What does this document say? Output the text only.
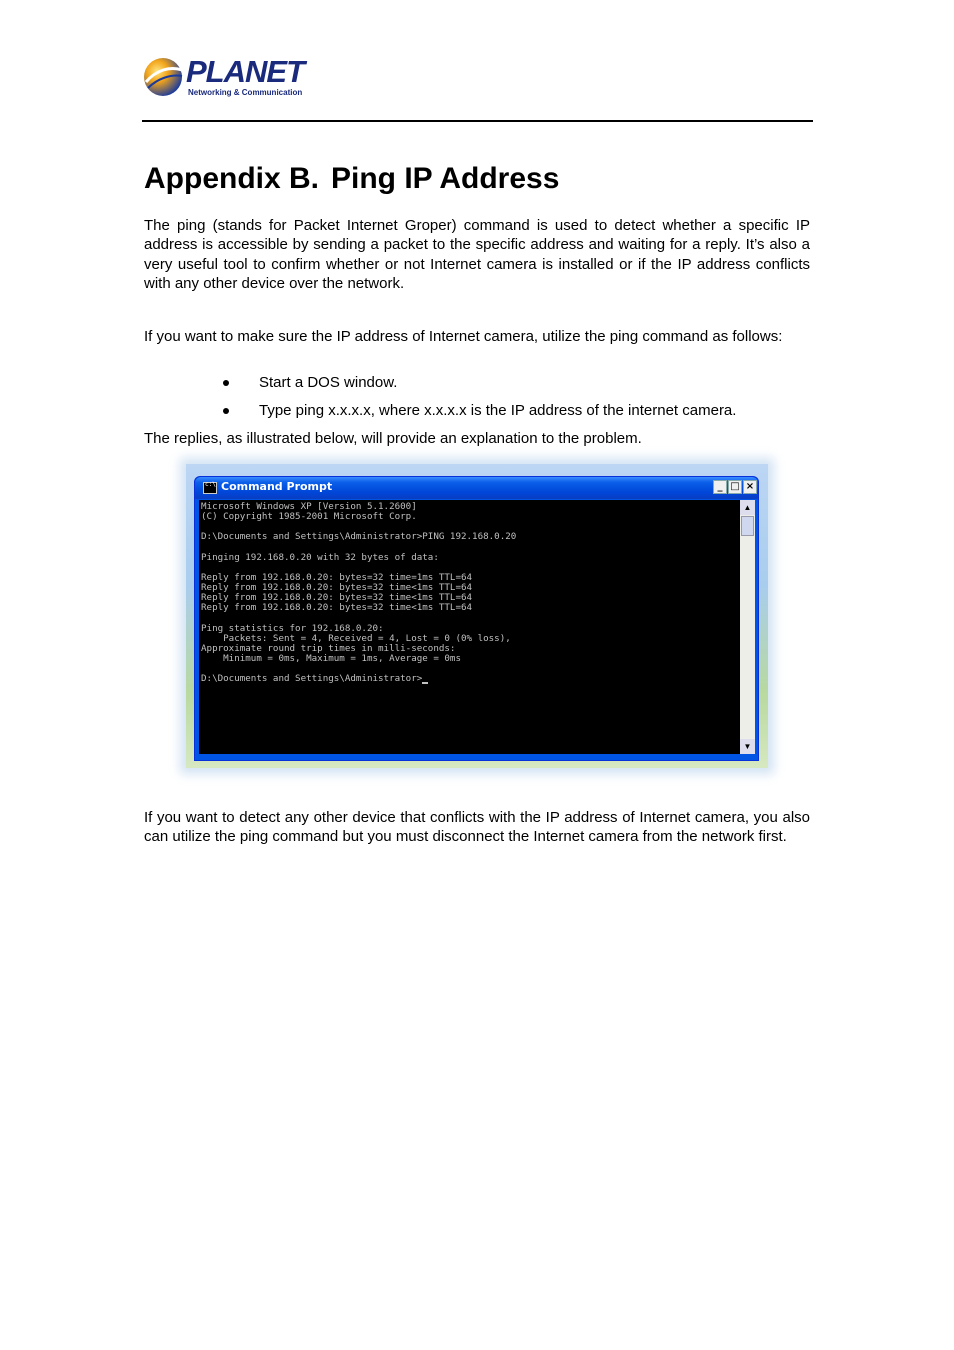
PLANET
Networking & Communication
Appendix B. Ping IP Address

The ping (stands for Packet Internet Groper) command is used to detect whether a specific IP address is accessible by sending a packet to the specific address and waiting for a reply. It’s also a very useful tool to confirm whether or not Internet camera is installed or if the IP address conflicts with any other device over the network.

If you want to make sure the IP address of Internet camera, utilize the ping command as follows:

Start a DOS window.
Type ping x.x.x.x, where x.x.x.x is the IP address of the internet camera.

The replies, as illustrated below, will provide an explanation to the problem.

c:\
Command Prompt	_ □ ×
Microsoft Windows XP [Version 5.1.2600]
(C) Copyright 1985-2001 Microsoft Corp.
D:\Documents and Settings\Administrator>PING 192.168.0.20
Pinging 192.168.0.20 with 32 bytes of data:
Reply from 192.168.0.20: bytes=32 time=1ms TTL=64
Reply from 192.168.0.20: bytes=32 time<1ms TTL=64
Reply from 192.168.0.20: bytes=32 time<1ms TTL=64
Reply from 192.168.0.20: bytes=32 time<1ms TTL=64
Ping statistics for 192.168.0.20:
Packets: Sent = 4, Received = 4, Lost = 0 (0% loss),
Approximate round trip times in milli-seconds:
Minimum = 0ms, Maximum = 1ms, Average = 0ms
D:\Documents and Settings\Administrator>
▲
▼

If you want to detect any other device that conflicts with the IP address of Internet camera, you also can utilize the ping command but you must disconnect the Internet camera from the network first.
